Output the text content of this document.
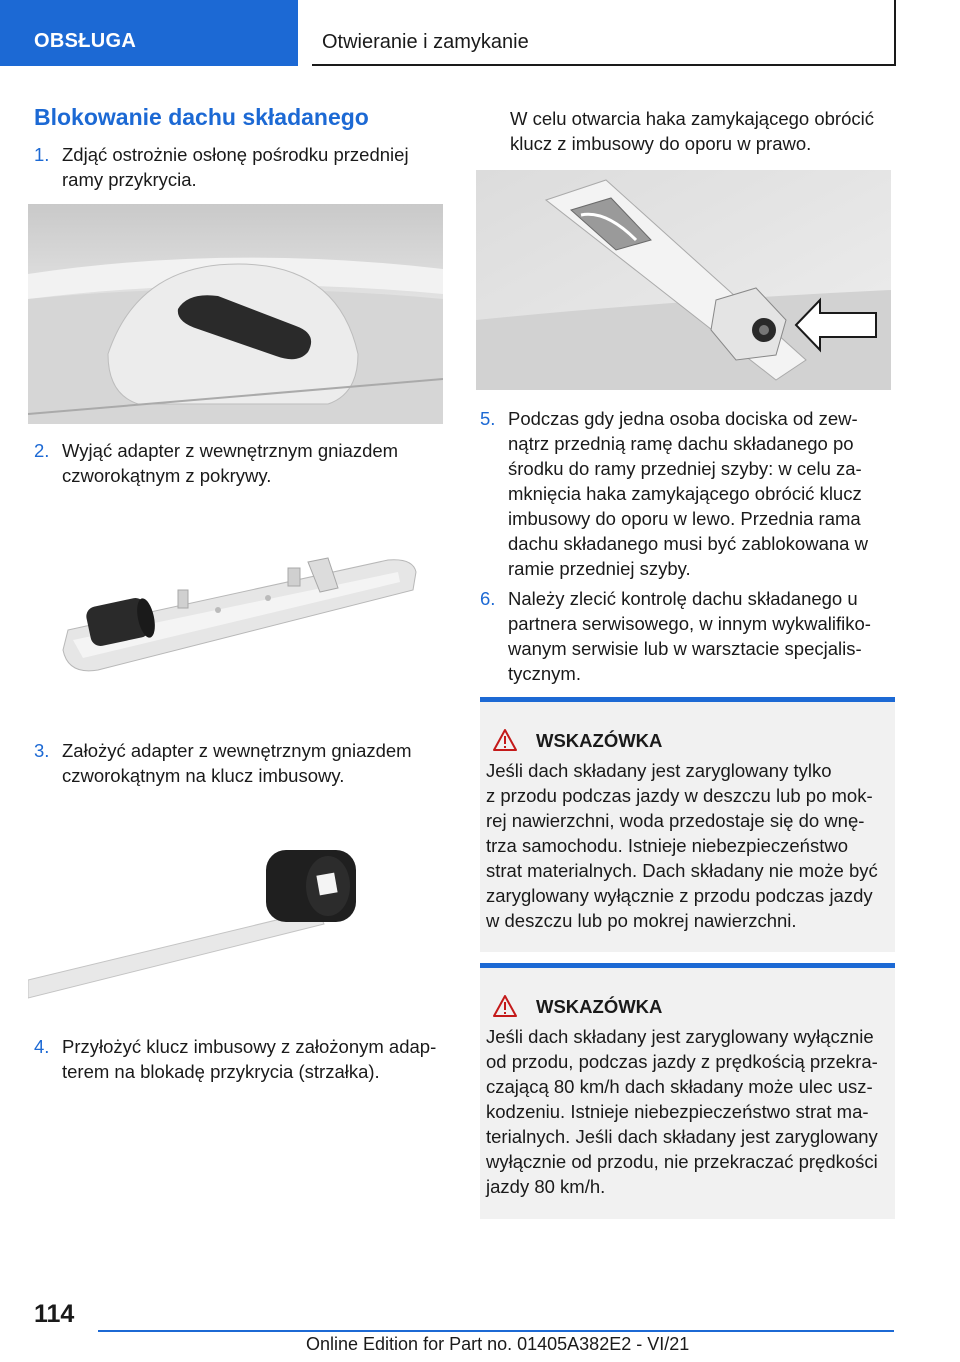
OBSŁUGA	Otwieranie i zamykanie
Blokowanie dachu składanego
1. Zdjąć ostrożnie osłonę pośrodku przedniej
ramy przykrycia.
2. Wyjąć adapter z wewnętrznym gniazdem
czworokątnym z pokrywy.
3. Założyć adapter z wewnętrznym gniazdem
czworokątnym na klucz imbusowy.
4. Przyłożyć klucz imbusowy z założonym adap-
terem na blokadę przykrycia (strzałka).
W celu otwarcia haka zamykającego obrócić
klucz z imbusowy do oporu w prawo.
5. Podczas gdy jedna osoba dociska od zew-
nątrz przednią ramę dachu składanego po
środku do ramy przedniej szyby: w celu za-
mknięcia haka zamykającego obrócić klucz
imbusowy do oporu w lewo. Przednia rama
dachu składanego musi być zablokowana w
ramie przedniej szyby.
6. Należy zlecić kontrolę dachu składanego u
partnera serwisowego, w innym wykwalifiko-
wanym serwisie lub w warsztacie specjalis-
tycznym.
WSKAZÓWKA
Jeśli dach składany jest zaryglowany tylko
z przodu podczas jazdy w deszczu lub po mok-
rej nawierzchni, woda przedostaje się do wnę-
trza samochodu. Istnieje niebezpieczeństwo
strat materialnych. Dach składany nie może być
zaryglowany wyłącznie z przodu podczas jazdy
w deszczu lub po mokrej nawierzchni.
WSKAZÓWKA
Jeśli dach składany jest zaryglowany wyłącznie
od przodu, podczas jazdy z prędkością przekra-
czającą 80 km/h dach składany może ulec usz-
kodzeniu. Istnieje niebezpieczeństwo strat ma-
terialnych. Jeśli dach składany jest zaryglowany
wyłącznie od przodu, nie przekraczać prędkości
jazdy 80 km/h.
114
Online Edition for Part no. 01405A382E2 - VI/21
